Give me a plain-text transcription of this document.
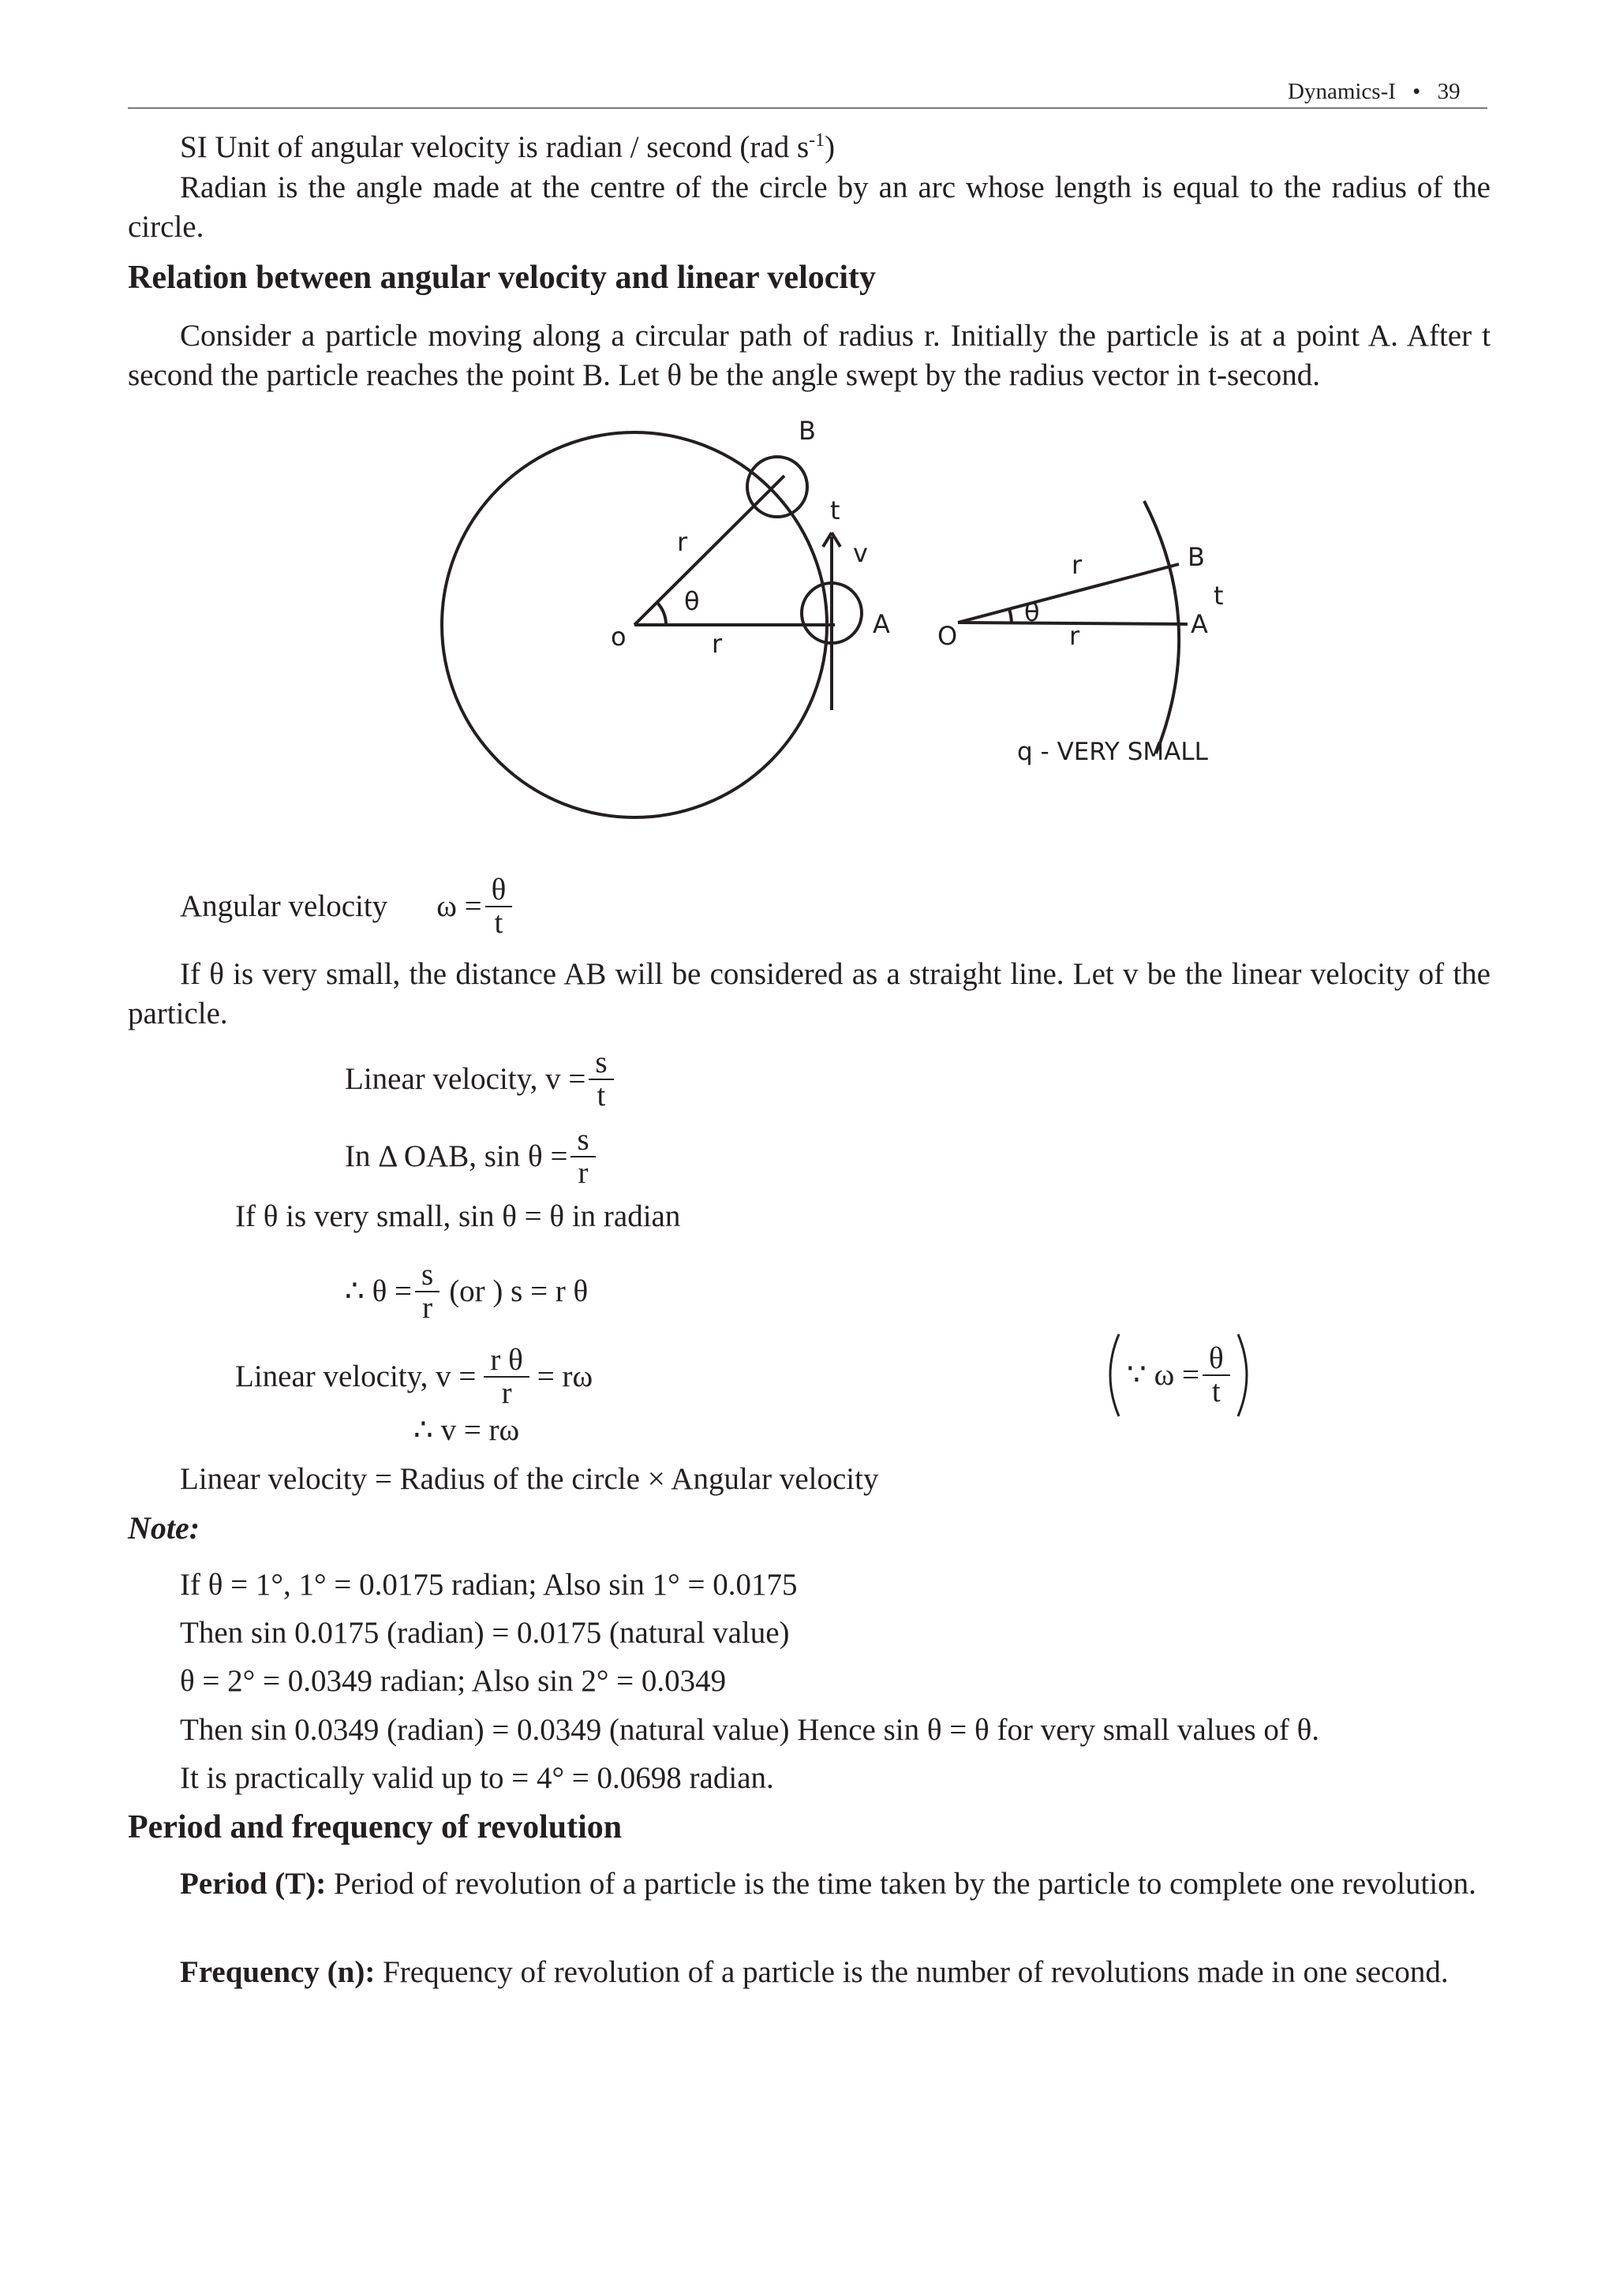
Dynamics-I • 39
SI Unit of angular velocity is radian / second (rad $s^{-1}$)
Radian is the angle made at the centre of the circle by an arc whose length is equal to the radius of the circle.
Relation between angular velocity and linear velocity
Consider a particle moving along a circular path of radius r. Initially the particle is at a point A. After t second the particle reaches the point B. Let θ be the angle swept by the radius vector in t-second.
B
t
v
r
θ
A
o	r
r	B
t
O
θ
r	A
q - VERY SMALL
Angular velocity $\omega = \frac{\theta}{t}$
If θ is very small, the distance AB will be considered as a straight line. Let v be the linear velocity of the particle.
Linear velocity, $v = \frac{s}{t}$
In Δ OAB, $\sin \theta = \frac{s}{r}$
If θ is very small, sin θ = θ in radian
∴ $\theta = \frac{s}{r} (or$ ) s = r θ
Linear velocity, $v = \frac{\text{r θ}}{r} = r\omega$	∵ $\omega = \frac{\theta}{t}$
∴ v = rω
Linear velocity = Radius of the circle × Angular velocity
Note:
If θ = 1°, 1° = 0.0175 radian; Also sin 1° = 0.0175
Then sin 0.0175 (radian) = 0.0175 (natural value)
θ = 2° = 0.0349 radian; Also sin 2° = 0.0349
Then sin 0.0349 (radian) = 0.0349 (natural value) Hence sin θ = θ for very small values of θ.
It is practically valid up to = 4° = 0.0698 radian.
Period and frequency of revolution
Period (T): Period of revolution of a particle is the time taken by the particle to complete one revolution.
Frequency (n): Frequency of revolution of a particle is the number of revolutions made in one second.
